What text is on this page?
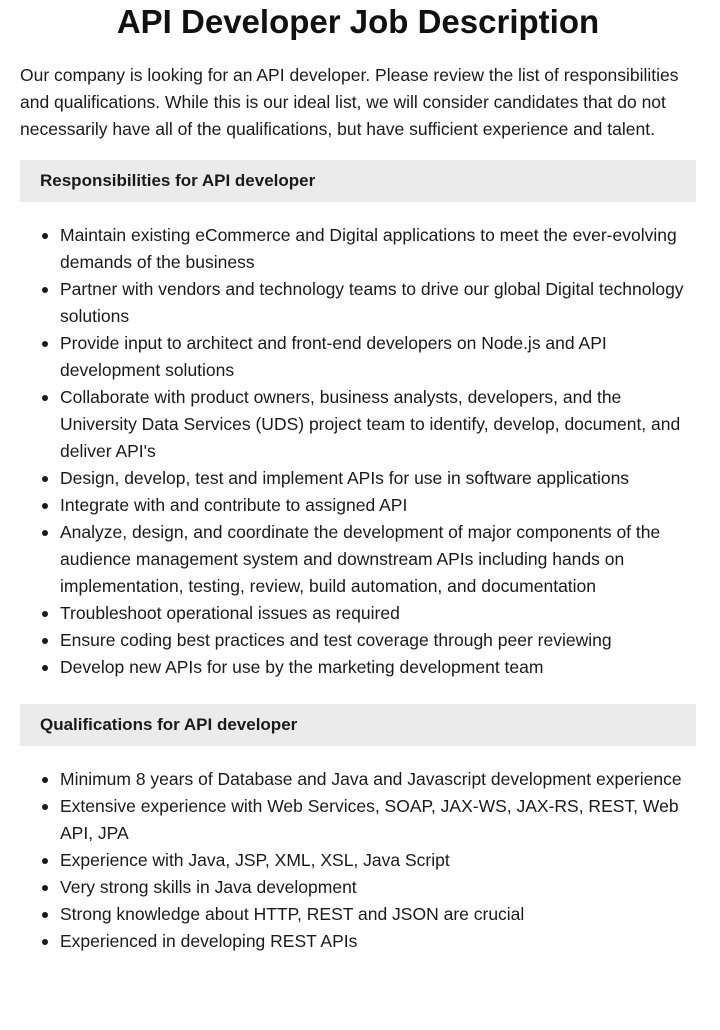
API Developer Job Description

Our company is looking for an API developer. Please review the list of responsibilities and qualifications. While this is our ideal list, we will consider candidates that do not necessarily have all of the qualifications, but have sufficient experience and talent.

Responsibilities for API developer
Maintain existing eCommerce and Digital applications to meet the ever-evolving demands of the business
Partner with vendors and technology teams to drive our global Digital technology solutions
Provide input to architect and front-end developers on Node.js and API development solutions
Collaborate with product owners, business analysts, developers, and the University Data Services (UDS) project team to identify, develop, document, and deliver API's
Design, develop, test and implement APIs for use in software applications
Integrate with and contribute to assigned API
Analyze, design, and coordinate the development of major components of the audience management system and downstream APIs including hands on implementation, testing, review, build automation, and documentation
Troubleshoot operational issues as required
Ensure coding best practices and test coverage through peer reviewing
Develop new APIs for use by the marketing development team
Qualifications for API developer
Minimum 8 years of Database and Java and Javascript development experience
Extensive experience with Web Services, SOAP, JAX-WS, JAX-RS, REST, Web API, JPA
Experience with Java, JSP, XML, XSL, Java Script
Very strong skills in Java development
Strong knowledge about HTTP, REST and JSON are crucial
Experienced in developing REST APIs
